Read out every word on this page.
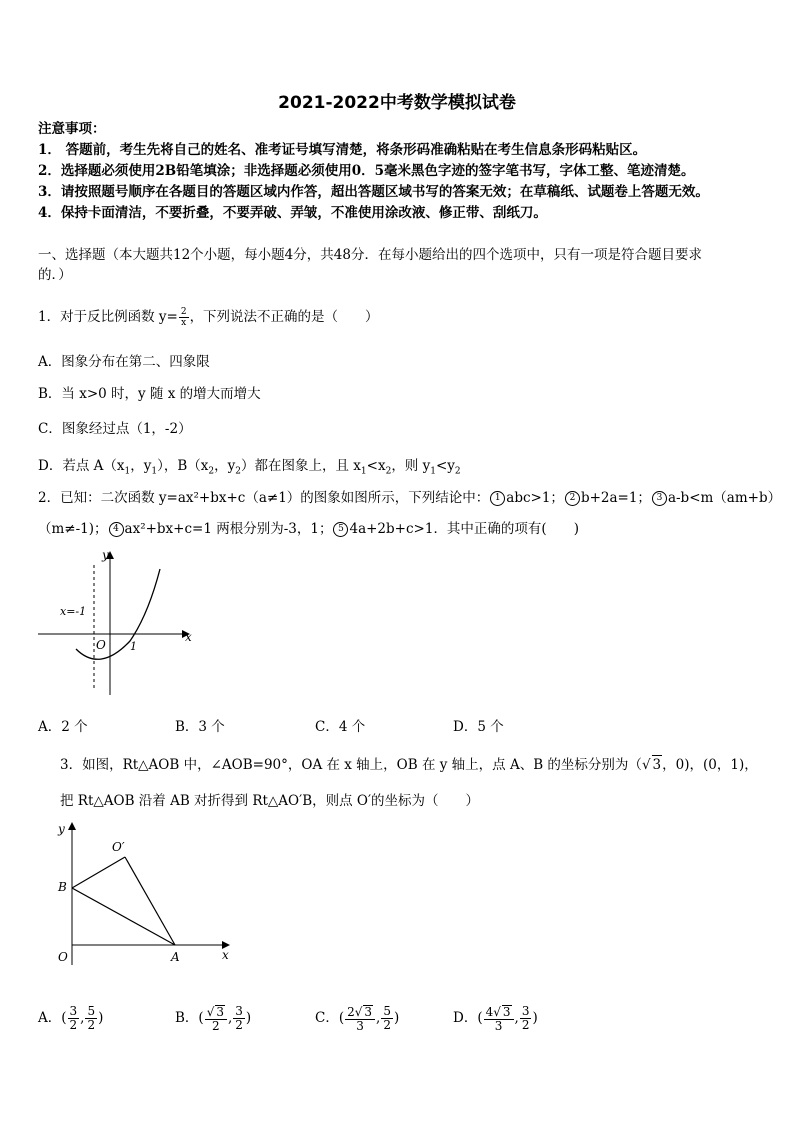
2021-2022中考数学模拟试卷
注意事项：
1． 答题前，考生先将自己的姓名、准考证号填写清楚，将条形码准确粘贴在考生信息条形码粘贴区。
2．选择题必须使用2B铅笔填涂；非选择题必须使用0．5毫米黑色字迹的签字笔书写，字体工整、笔迹清楚。
3．请按照题号顺序在各题目的答题区域内作答，超出答题区域书写的答案无效；在草稿纸、试题卷上答题无效。
4．保持卡面清洁，不要折叠，不要弄破、弄皱，不准使用涂改液、修正带、刮纸刀。
一、选择题（本大题共12个小题，每小题4分，共48分．在每小题给出的四个选项中，只有一项是符合题目要求
的．）
1．对于反比例函数 $y= \frac{2}{x}$ ，下列说法不正确的是（　　）
A．图象分布在第二、四象限
B．当 x>0 时，y 随 x 的增大而增大
C．图象经过点（1，-2）
D．若点 $A(x_1$，$y_1$），$B(x_2$，$y_2$）都在图象上，且 $x_1<x_2$，则 $y_1<y_2$
2．已知：二次函数 y=ax²+bx+c（a≠1）的图象如图所示，下列结论中： 1 abc>1； 2 b+2a=1； 3 a-b<m（am+b）
（m≠-1)； 4 ax²+bx+c=1 两根分别为-3，1； 5 4a+2b+c>1．其中正确的项有(　　)
y
x
O 1
x=-1
A．2 个	B．3 个	C．4 个	D．5 个
3．如图，Rt△AOB 中，∠AOB=90°，OA 在 x 轴上，OB 在 y 轴上，点 A、B 的坐标分别为（√ 3，0)，(0，1)，
把 Rt△AOB 沿着 AB 对折得到 Rt△AO′B，则点 O′的坐标为（　　）
y
x
O	A
B
O′
A．( $\frac{3}{2}$ , $\frac{5}{2}$ )	B．( $\frac{√ 3}{2}$ , $\frac{3}{2}$ )	C．( $\frac{2√ 3}{3}$ , $\frac{5}{2}$ )	D．( $\frac{4√ 3}{3}$ , $\frac{3}{2}$ )
